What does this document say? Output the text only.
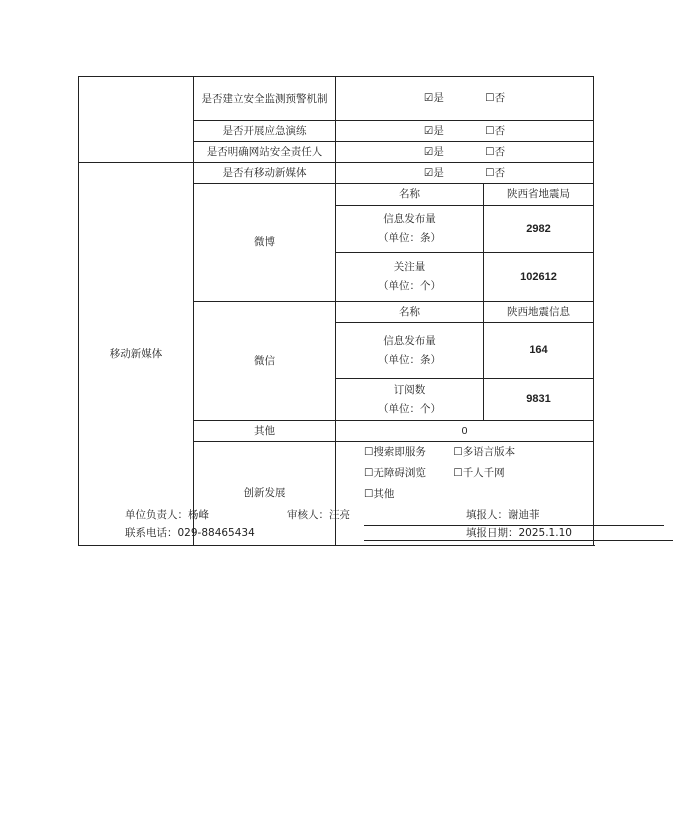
	是否建立安全监测预警机制	☑是 ☐否	
	是否开展应急演练	☑是 ☐否	
	是否明确网站安全责任人	☑是 ☐否	
移动新媒体	是否有移动新媒体	☑是 ☐否	
	微博	名称	陕西省地震局

		信息发布量
（单位：条）	2982

		关注量
（单位：个）	102612
	微信	名称	陕西地震信息

		信息发布量
（单位：条）	164

		订阅数
（单位：个）	9831
	其他	0	
	创新发展	☐搜索即服务 ☐多语言版本 ☐无障碍浏览 ☐千人千网
☐其他	
单位负责人：杨峰	审核人：汪亮	填报人：谢迪菲
联系电话：029-88465434	填报日期：2025.1.10
